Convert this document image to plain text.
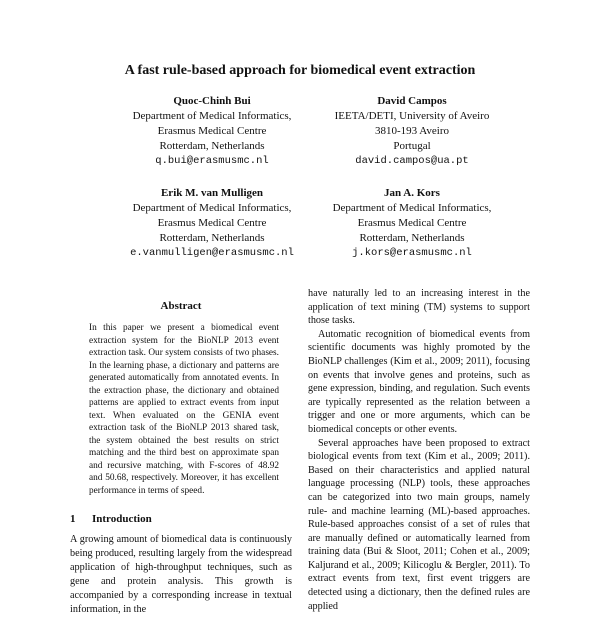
A fast rule-based approach for biomedical event extraction
Quoc-Chinh Bui
Department of Medical Informatics,
Erasmus Medical Centre
Rotterdam, Netherlands
q.bui@erasmusmc.nl
David Campos
IEETA/DETI, University of Aveiro
3810-193 Aveiro
Portugal
david.campos@ua.pt
Erik M. van Mulligen
Department of Medical Informatics,
Erasmus Medical Centre
Rotterdam, Netherlands
e.vanmulligen@erasmusmc.nl
Jan A. Kors
Department of Medical Informatics,
Erasmus Medical Centre
Rotterdam, Netherlands
j.kors@erasmusmc.nl
Abstract
In this paper we present a biomedical event extraction system for the BioNLP 2013 event extraction task. Our system consists of two phases. In the learning phase, a dictionary and patterns are generated automatically from annotated events. In the extraction phase, the dictionary and obtained patterns are applied to extract events from input text. When evaluated on the GENIA event extraction task of the BioNLP 2013 shared task, the system obtained the best results on strict matching and the third best on approximate span and recursive matching, with F-scores of 48.92 and 50.68, respectively. Moreover, it has excellent performance in terms of speed.
1 Introduction
A growing amount of biomedical data is continuously being produced, resulting largely from the widespread application of high-throughput techniques, such as gene and protein analysis. This growth is accompanied by a corresponding increase in textual information, in the

have naturally led to an increasing interest in the application of text mining (TM) systems to support those tasks.

Automatic recognition of biomedical events from scientific documents was highly promoted by the BioNLP challenges (Kim et al., 2009; 2011), focusing on events that involve genes and proteins, such as gene expression, binding, and regulation. Such events are typically represented as the relation between a trigger and one or more arguments, which can be biomedical concepts or other events.

Several approaches have been proposed to extract biological events from text (Kim et al., 2009; 2011). Based on their characteristics and applied natural language processing (NLP) tools, these approaches can be categorized into two main groups, namely rule- and machine learning (ML)-based approaches. Rule-based approaches consist of a set of rules that are manually defined or automatically learned from training data (Bui & Sloot, 2011; Cohen et al., 2009; Kaljurand et al., 2009; Kilicoglu & Bergler, 2011). To extract events from text, first event triggers are detected using a dictionary, then the defined rules are applied
